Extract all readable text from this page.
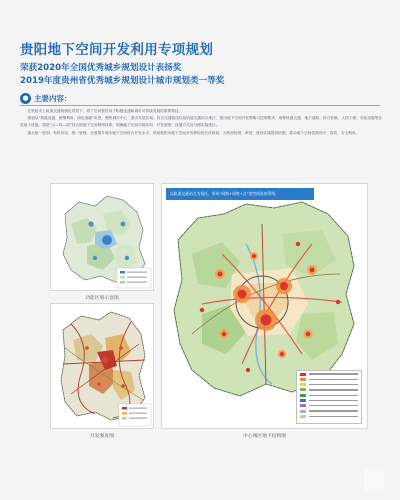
贵阳地下空间开发利用专项规划
荣获2020年全国优秀城乡规划设计表扬奖
2019年度贵州省优秀城乡规划设计城市规划类一等奖
● 主要内容：

在贵阳市上轨道交通规模化背景下，将下空间管控用于积极连通和城市可持续发展的重要路径。

规划从“积极连通、统筹利用、绿色低碳”角度，聚焦城市中心、重点发展区域、综合交通枢纽以及轨道交通站点地区，提出地下空间开发策略与控制要求，统筹轨道交通、地下道路、综合管廊、人防工程、市政设施等各类地下设施，构建“点—线—面”结合的地下空间网络体系，明确地下空间功能布局、开发强度、连通方式及分期实施建议。

重点统一规划、有机布局、统一管理，全面提升城市地下空间综合开发水平，形成贵阳市地下空间开发利用的总体格局，为规划管理、审批、建设实施提供依据，推动地下空间资源有序、高效、安全利用。

功能区划示意图
开发强度图
以轨道交通站点为依托，形成“网格+网络+点”的空间连接系统。
中心城区地下结构图
